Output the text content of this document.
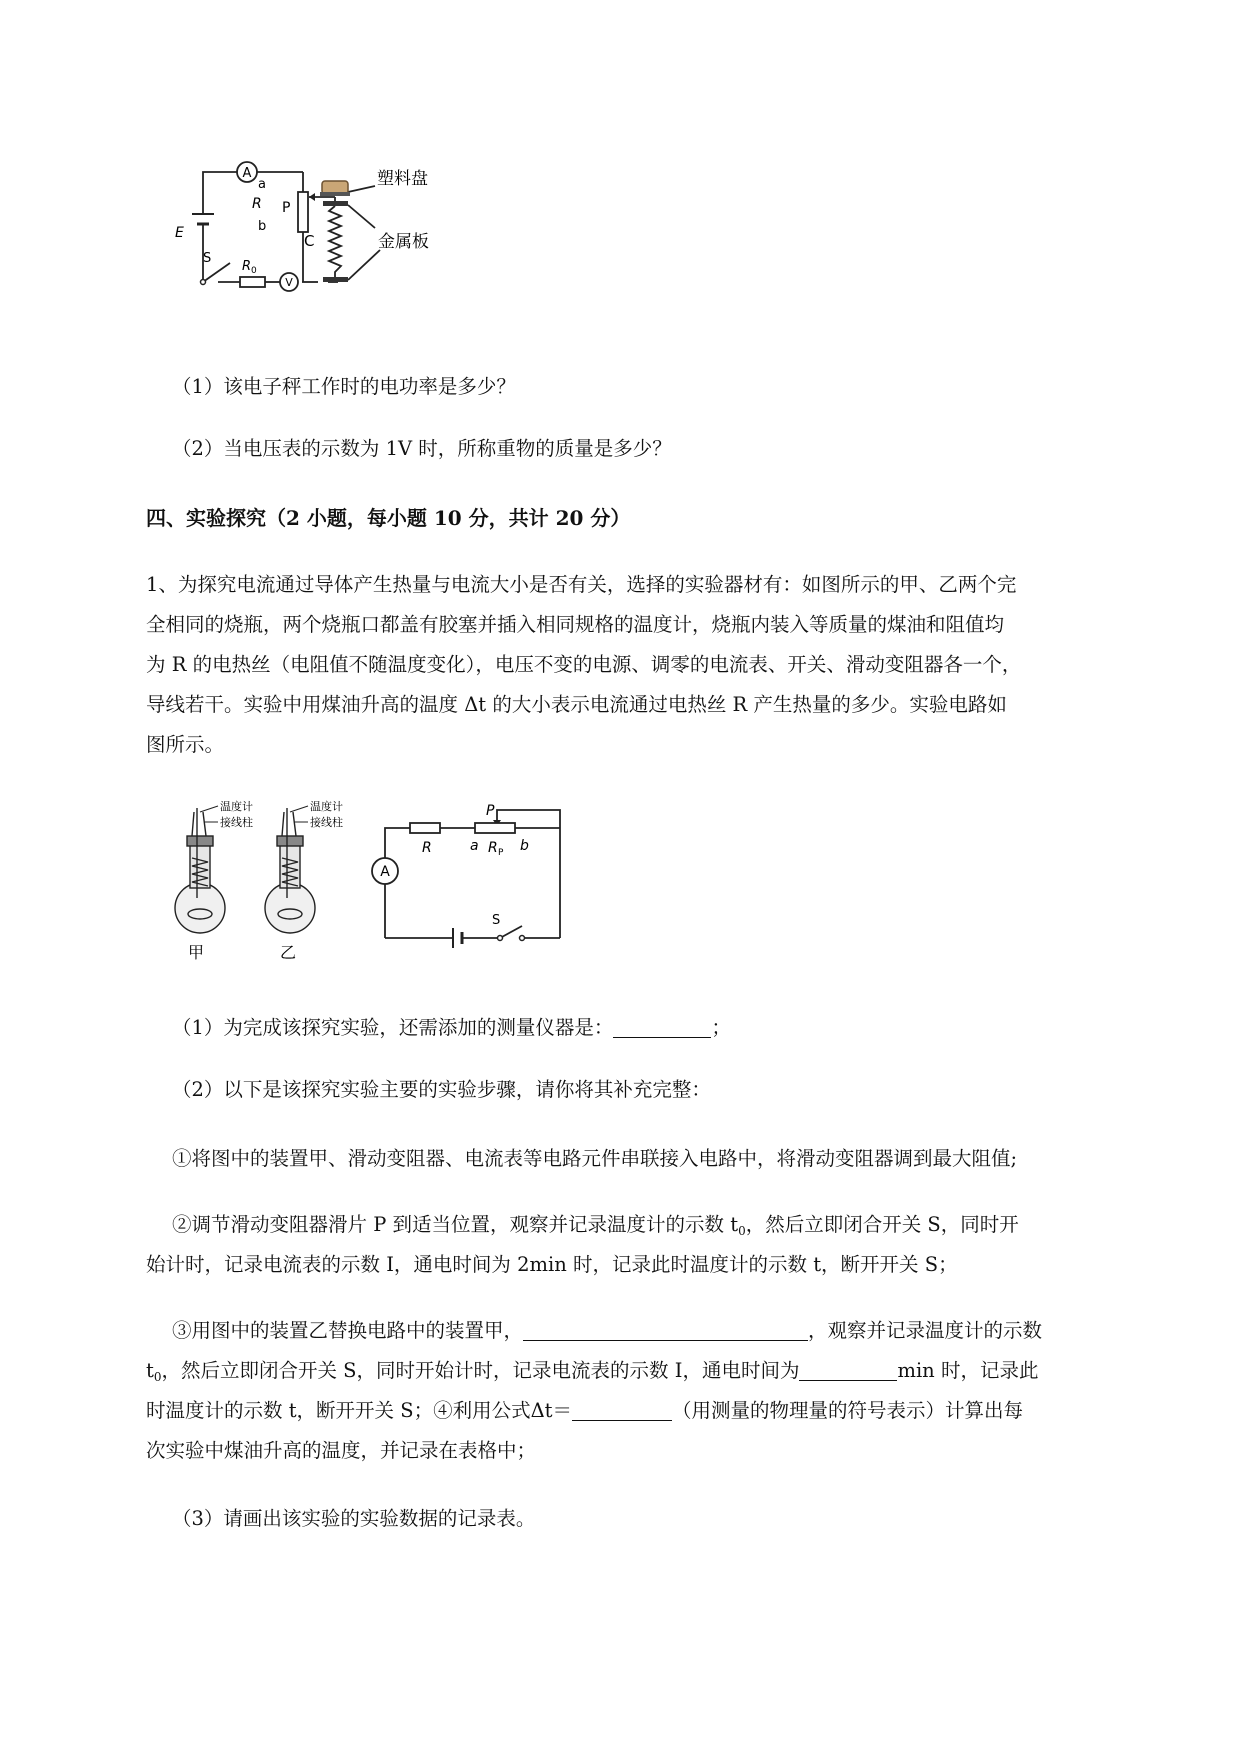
A
a
R P
b
E
S
C
R 0
V
塑料盘
金属板
（1）该电子秤工作时的电功率是多少？
（2）当电压表的示数为 1V 时，所称重物的质量是多少？
四、实验探究（2 小题，每小题 10 分，共计 20 分）
1、为探究电流通过导体产生热量与电流大小是否有关，选择的实验器材有：如图所示的甲、乙两个完
全相同的烧瓶，两个烧瓶口都盖有胶塞并插入相同规格的温度计，烧瓶内装入等质量的煤油和阻值均
为 R 的电热丝（电阻值不随温度变化），电压不变的电源、调零的电流表、开关、滑动变阻器各一个，
导线若干。实验中用煤油升高的温度 Δt 的大小表示电流通过电热丝 R 产生热量的多少。实验电路如
图所示。
温度计
接线柱
温度计
接线柱
甲	乙
A
R	a R P b
P
S
（1）为完成该探究实验，还需添加的测量仪器是：	；
（2）以下是该探究实验主要的实验步骤，请你将其补充完整：
①将图中的装置甲、滑动变阻器、电流表等电路元件串联接入电路中，将滑动变阻器调到最大阻值;
②调节滑动变阻器滑片 P 到适当位置，观察并记录温度计的示数 $t_0$，然后立即闭合开关 S，同时开
始计时，记录电流表的示数 I，通电时间为 2min 时，记录此时温度计的示数 t，断开开关 S；
③用图中的装置乙替换电路中的装置甲，	，观察并记录温度计的示数
$t_0$，然后立即闭合开关 S，同时开始计时，记录电流表的示数 I，通电时间为	min 时，记录此
时温度计的示数 t，断开开关 S；④利用公式Δt＝	（用测量的物理量的符号表示）计算出每
次实验中煤油升高的温度，并记录在表格中；
（3）请画出该实验的实验数据的记录表。
